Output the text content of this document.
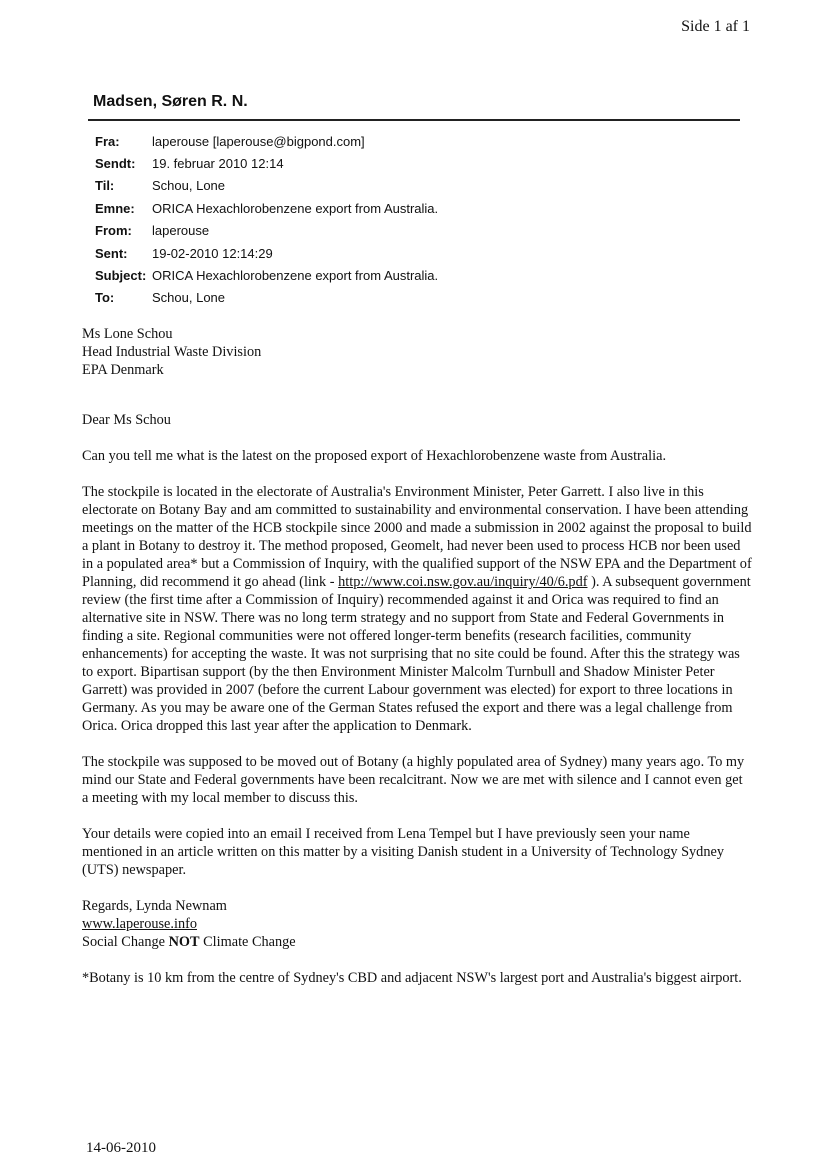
Side 1 af 1
Madsen, Søren R. N.
Fra:	laperouse [laperouse@bigpond.com]
Sendt:	19. februar 2010 12:14
Til:	Schou, Lone
Emne:	ORICA Hexachlorobenzene export from Australia.
From:	laperouse
Sent:	19-02-2010 12:14:29
Subject: ORICA Hexachlorobenzene export from Australia.
To:	Schou, Lone

Ms Lone Schou

Head Industrial Waste Division

EPA Denmark

Dear Ms Schou

Can you tell me what is the latest on the proposed export of Hexachlorobenzene waste from Australia.

The stockpile is located in the electorate of Australia's Environment Minister, Peter Garrett. I also live in this electorate on Botany Bay and am committed to sustainability and environmental conservation. I have been attending meetings on the matter of the HCB stockpile since 2000 and made a submission in 2002 against the proposal to build a plant in Botany to destroy it. The method proposed, Geomelt, had never been used to process HCB nor been used in a populated area* but a Commission of Inquiry, with the qualified support of the NSW EPA and the Department of Planning, did recommend it go ahead (link - http://www.coi.nsw.gov.au/inquiry/40/6.pdf ). A subsequent government review (the first time after a Commission of Inquiry) recommended against it and Orica was required to find an alternative site in NSW. There was no long term strategy and no support from State and Federal Governments in finding a site. Regional communities were not offered longer-term benefits (research facilities, community enhancements) for accepting the waste. It was not surprising that no site could be found. After this the strategy was to export. Bipartisan support (by the then Environment Minister Malcolm Turnbull and Shadow Minister Peter Garrett) was provided in 2007 (before the current Labour government was elected) for export to three locations in Germany. As you may be aware one of the German States refused the export and there was a legal challenge from Orica. Orica dropped this last year after the application to Denmark.

The stockpile was supposed to be moved out of Botany (a highly populated area of Sydney) many years ago. To my mind our State and Federal governments have been recalcitrant. Now we are met with silence and I cannot even get a meeting with my local member to discuss this.

Your details were copied into an email I received from Lena Tempel but I have previously seen your name mentioned in an article written on this matter by a visiting Danish student in a University of Technology Sydney (UTS) newspaper.

Regards, Lynda Newnam
www.laperouse.info
Social Change NOT Climate Change

*Botany is 10 km from the centre of Sydney's CBD and adjacent NSW's largest port and Australia's biggest airport.

14-06-2010
